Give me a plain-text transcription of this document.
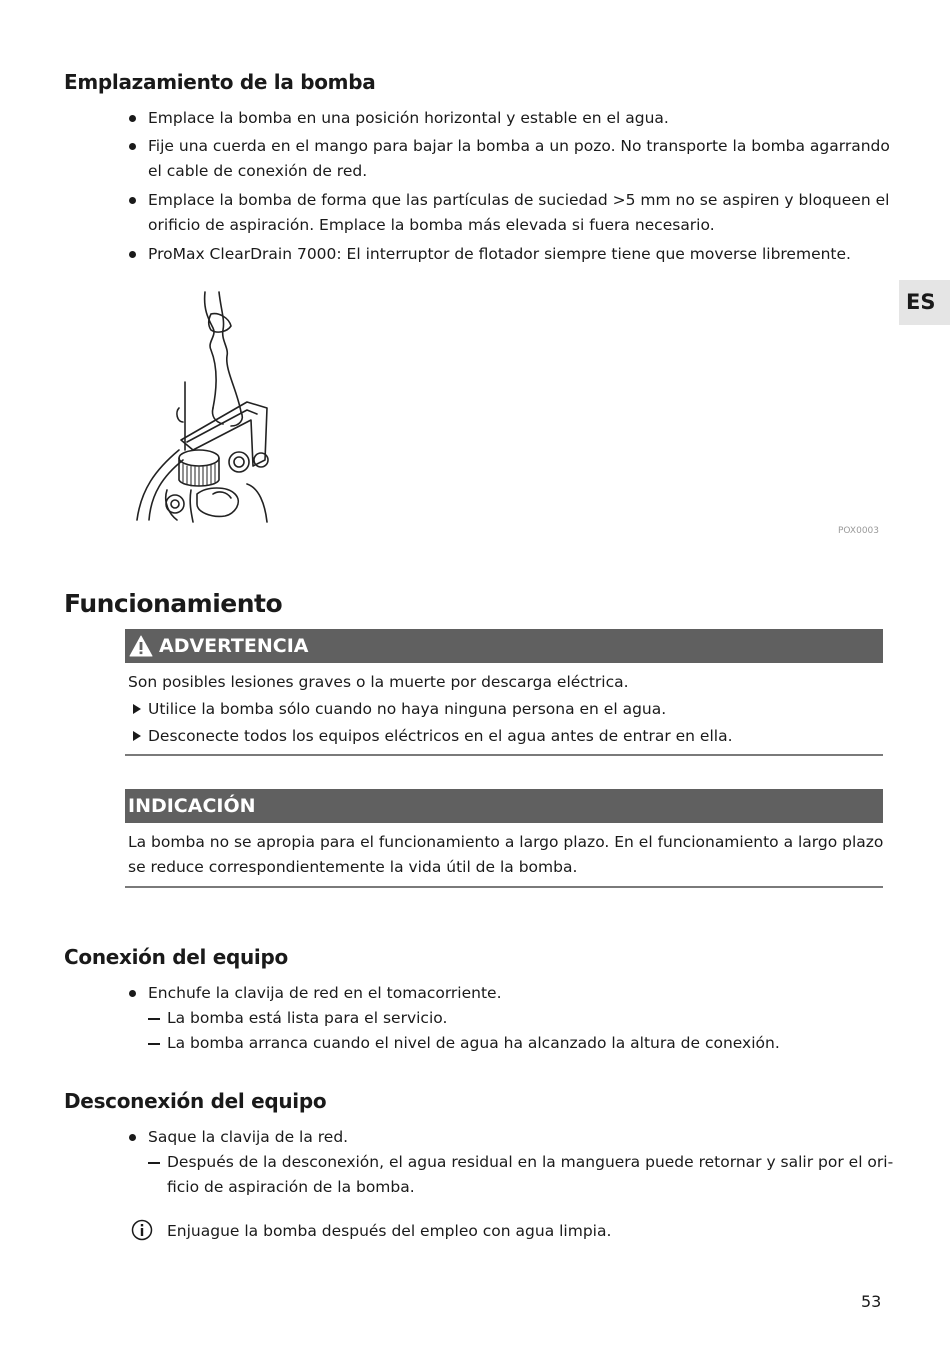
Emplazamiento de la bomba
Emplace la bomba en una posición horizontal y estable en el agua.
Fije una cuerda en el mango para bajar la bomba a un pozo. No transporte la bomba agarrando
el cable de conexión de red.
Emplace la bomba de forma que las partículas de suciedad >5 mm no se aspiren y bloqueen el
orificio de aspiración. Emplace la bomba más elevada si fuera necesario.
ProMax ClearDrain 7000: El interruptor de flotador siempre tiene que moverse libremente.
POX0003
ES
Funcionamiento
ADVERTENCIA
Son posibles lesiones graves o la muerte por descarga eléctrica.
Utilice la bomba sólo cuando no haya ninguna persona en el agua.
Desconecte todos los equipos eléctricos en el agua antes de entrar en ella.
INDICACIÓN
La bomba no se apropia para el funcionamiento a largo plazo. En el funcionamiento a largo plazo
se reduce correspondientemente la vida útil de la bomba.
Conexión del equipo
Enchufe la clavija de red en el tomacorriente.
La bomba está lista para el servicio.
La bomba arranca cuando el nivel de agua ha alcanzado la altura de conexión.
Desconexión del equipo
Saque la clavija de la red.
Después de la desconexión, el agua residual en la manguera puede retornar y salir por el ori-
ficio de aspiración de la bomba.
Enjuague la bomba después del empleo con agua limpia.
53
